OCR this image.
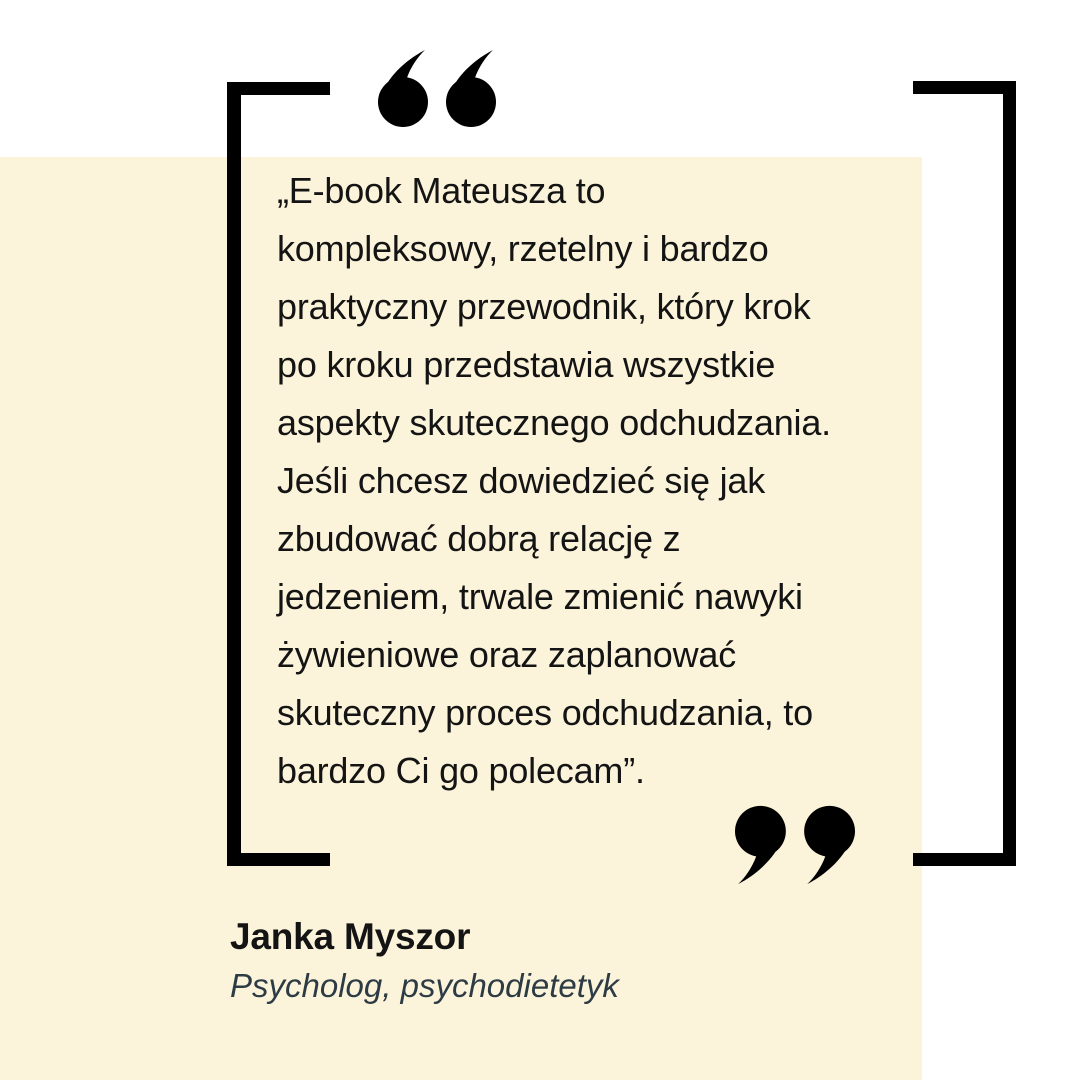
„E-book Mateusza to
kompleksowy, rzetelny i bardzo
praktyczny przewodnik, który krok
po kroku przedstawia wszystkie
aspekty skutecznego odchudzania.
Jeśli chcesz dowiedzieć się jak
zbudować dobrą relację z
jedzeniem, trwale zmienić nawyki
żywieniowe oraz zaplanować
skuteczny proces odchudzania, to
bardzo Ci go polecam”.
Janka Myszor
Psycholog, psychodietetyk
